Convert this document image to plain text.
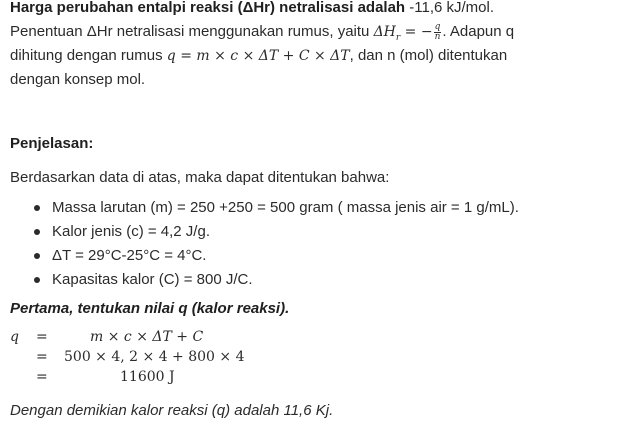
Harga perubahan entalpi reaksi (ΔHr) netralisasi adalah -11,6 kJ/mol.
Penentuan ΔHr netralisasi menggunakan rumus, yaitu $\Delta H_r$ = − $\frac{q}{n}$ . Adapun q
dihitung dengan rumus q = m × c × ΔT + C × ΔT, dan n (mol) ditentukan
dengan konsep mol.
Penjelasan:
Berdasarkan data di atas, maka dapat ditentukan bahwa:
Massa larutan (m) = 250 +250 = 500 gram ( massa jenis air = 1 g/mL).
Kalor jenis (c) = 4,2 J/g.
ΔT = 29°C-25°C = 4°C.
Kapasitas kalor (C) = 800 J/C.
Pertama, tentukan nilai q (kalor reaksi).
q =	m × c × ΔT + C
= 500 × 4, 2 × 4 + 800 × 4
=	11600 J
Dengan demikian kalor reaksi (q) adalah 11,6 Kj.
